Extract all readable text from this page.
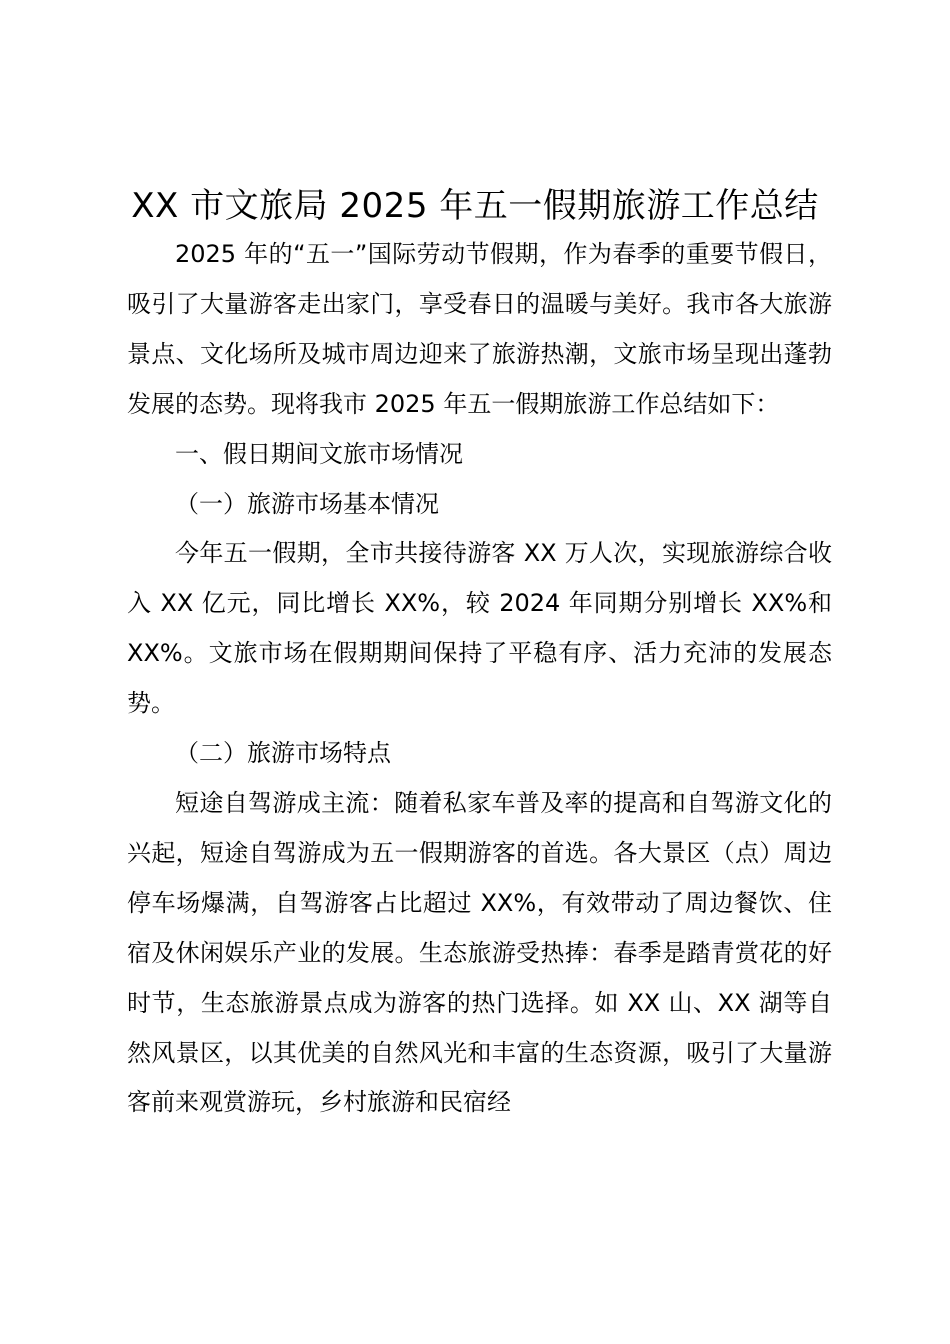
XX 市文旅局 2025 年五一假期旅游工作总结

2025 年的“五一”国际劳动节假期，作为春季的重要节假日，吸引了大量游客走出家门，享受春日的温暖与美好。我市各大旅游景点、文化场所及城市周边迎来了旅游热潮，文旅市场呈现出蓬勃发展的态势。现将我市 2025 年五一假期旅游工作总结如下：

一、假日期间文旅市场情况

（一）旅游市场基本情况

今年五一假期，全市共接待游客 XX 万人次，实现旅游综合收入 XX 亿元，同比增长 XX%，较 2024 年同期分别增长 XX%和 XX%。文旅市场在假期期间保持了平稳有序、活力充沛的发展态势。

（二）旅游市场特点

短途自驾游成主流：随着私家车普及率的提高和自驾游文化的兴起，短途自驾游成为五一假期游客的首选。各大景区（点）周边停车场爆满，自驾游客占比超过 XX%，有效带动了周边餐饮、住宿及休闲娱乐产业的发展。生态旅游受热捧：春季是踏青赏花的好时节，生态旅游景点成为游客的热门选择。如 XX 山、XX 湖等自然风景区，以其优美的自然风光和丰富的生态资源，吸引了大量游客前来观赏游玩，乡村旅游和民宿经
